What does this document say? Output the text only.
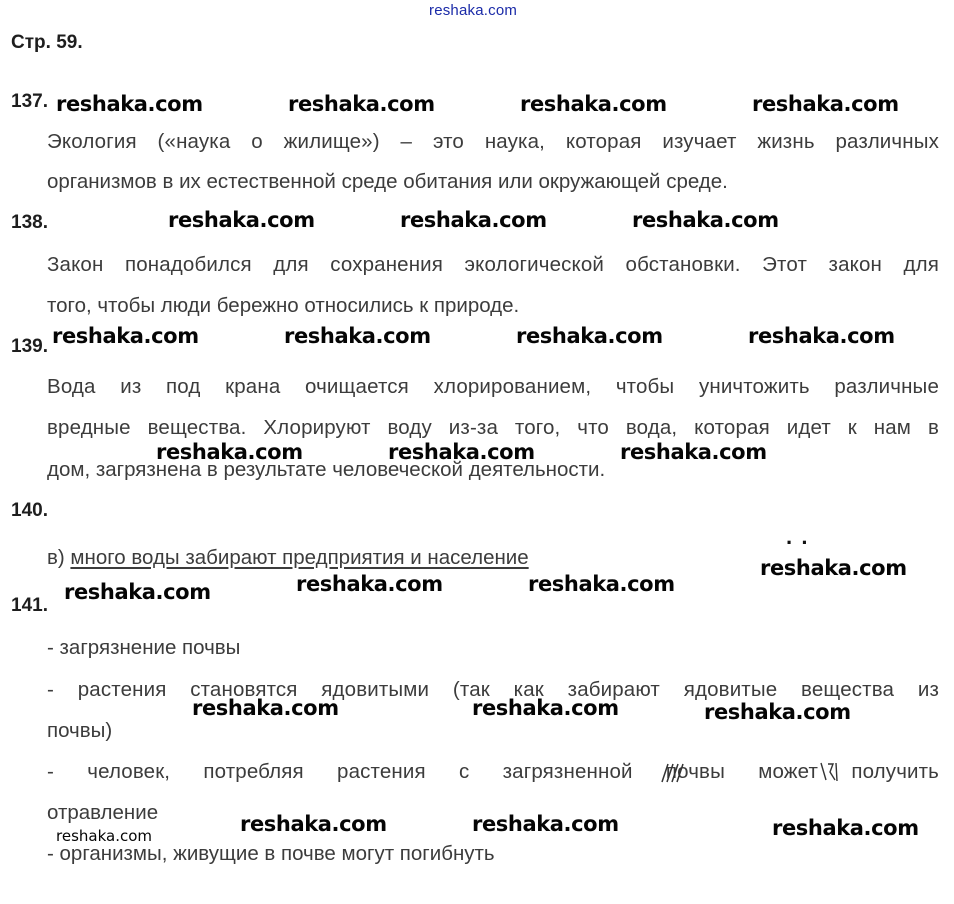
reshaka.com
Стр. 59.
137.
Экология («наука о жилище») – это наука, которая изучает жизнь различных
организмов в их естественной среде обитания или окружающей среде.
138.
Закон понадобился для сохранения экологической обстановки. Этот закон для
того, чтобы люди бережно относились к природе.
139.
Вода из под крана очищается хлорированием, чтобы уничтожить различные
вредные вещества. Хлорируют воду из-за того, что вода, которая идет к нам в
дом, загрязнена в результате человеческой деятельности.
140.
в) много воды забирают предприятия и население
141.
- загрязнение почвы
- растения становятся ядовитыми (так как забирают ядовитые вещества из
почвы)
- человек, потребляя растения с загрязненной почвы может получить
отравление
- организмы, живущие в почве могут погибнуть
reshaka.com	reshaka.com	reshaka.com	reshaka.com
reshaka.com	reshaka.com	reshaka.com
reshaka.com	reshaka.com	reshaka.com	reshaka.com
reshaka.com	reshaka.com	reshaka.com
reshaka.com
reshaka.com	reshaka.com	reshaka.com
reshaka.com	reshaka.com	reshaka.com
reshaka.com	reshaka.com	reshaka.com
reshaka.com
··
